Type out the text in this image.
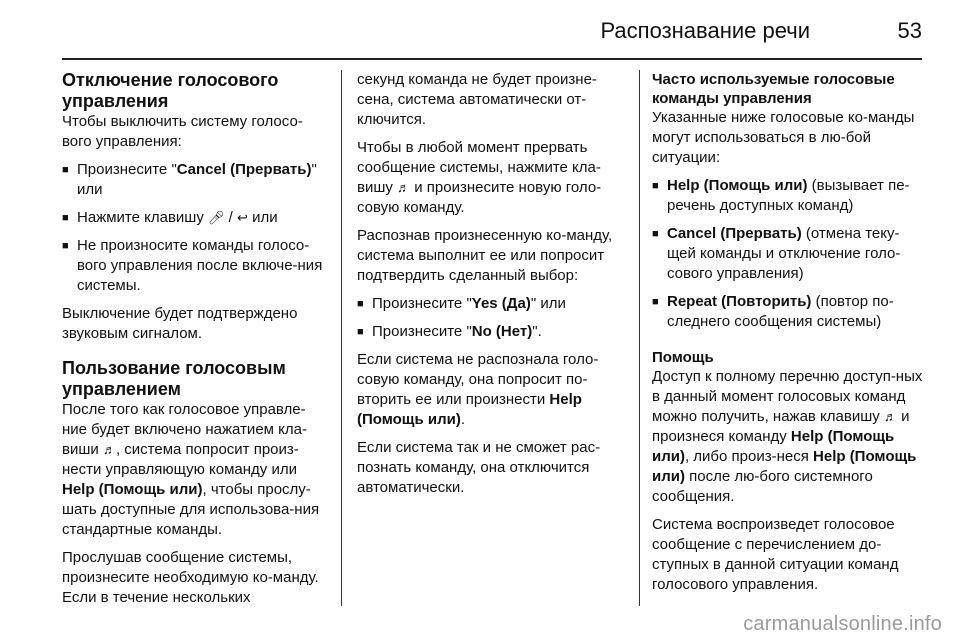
Распознавание речи	53
Отключение голосового управления

Чтобы выключить систему голосо-вого управления:

■ Произнесите "Cancel (Прервать)" или
■ Нажмите клавишу 🎤︎ / ↩ или
■ Не произносите команды голосо-вого управления после включе-ния системы.

Выключение будет подтверждено звуковым сигналом.

Пользование голосовым управлением

После того как голосовое управле-ние будет включено нажатием кла-виши ♬, система попросит произ-нести управляющую команду или Help (Помощь или), чтобы прослу-шать доступные для использова-ния стандартные команды.

Прослушав сообщение системы, произнесите необходимую ко-манду. Если в течение нескольких

секунд команда не будет произне-сена, система автоматически от-ключится.

Чтобы в любой момент прервать сообщение системы, нажмите кла-вишу ♬ и произнесите новую голо-совую команду.

Распознав произнесенную ко-манду, система выполнит ее или попросит подтвердить сделанный выбор:

■ Произнесите "Yes (Да)" или
■ Произнесите "No (Нет)".

Если система не распознала голо-совую команду, она попросит по-вторить ее или произнести Help (Помощь или).

Если система так и не сможет рас-познать команду, она отключится автоматически.

Часто используемые голосовые команды управления

Указанные ниже голосовые ко-манды могут использоваться в лю-бой ситуации:

■ Help (Помощь или) (вызывает пе-речень доступных команд)
■ Cancel (Прервать) (отмена теку-щей команды и отключение голо-сового управления)
■ Repeat (Повторить) (повтор по-следнего сообщения системы)
Помощь

Доступ к полному перечню доступ-ных в данный момент голосовых команд можно получить, нажав клавишу ♬ и произнеся команду Help (Помощь или), либо произ-неся Help (Помощь или) после лю-бого системного сообщения.

Система воспроизведет голосовое сообщение с перечислением до-ступных в данной ситуации команд голосового управления.

carmanualsonline.info
